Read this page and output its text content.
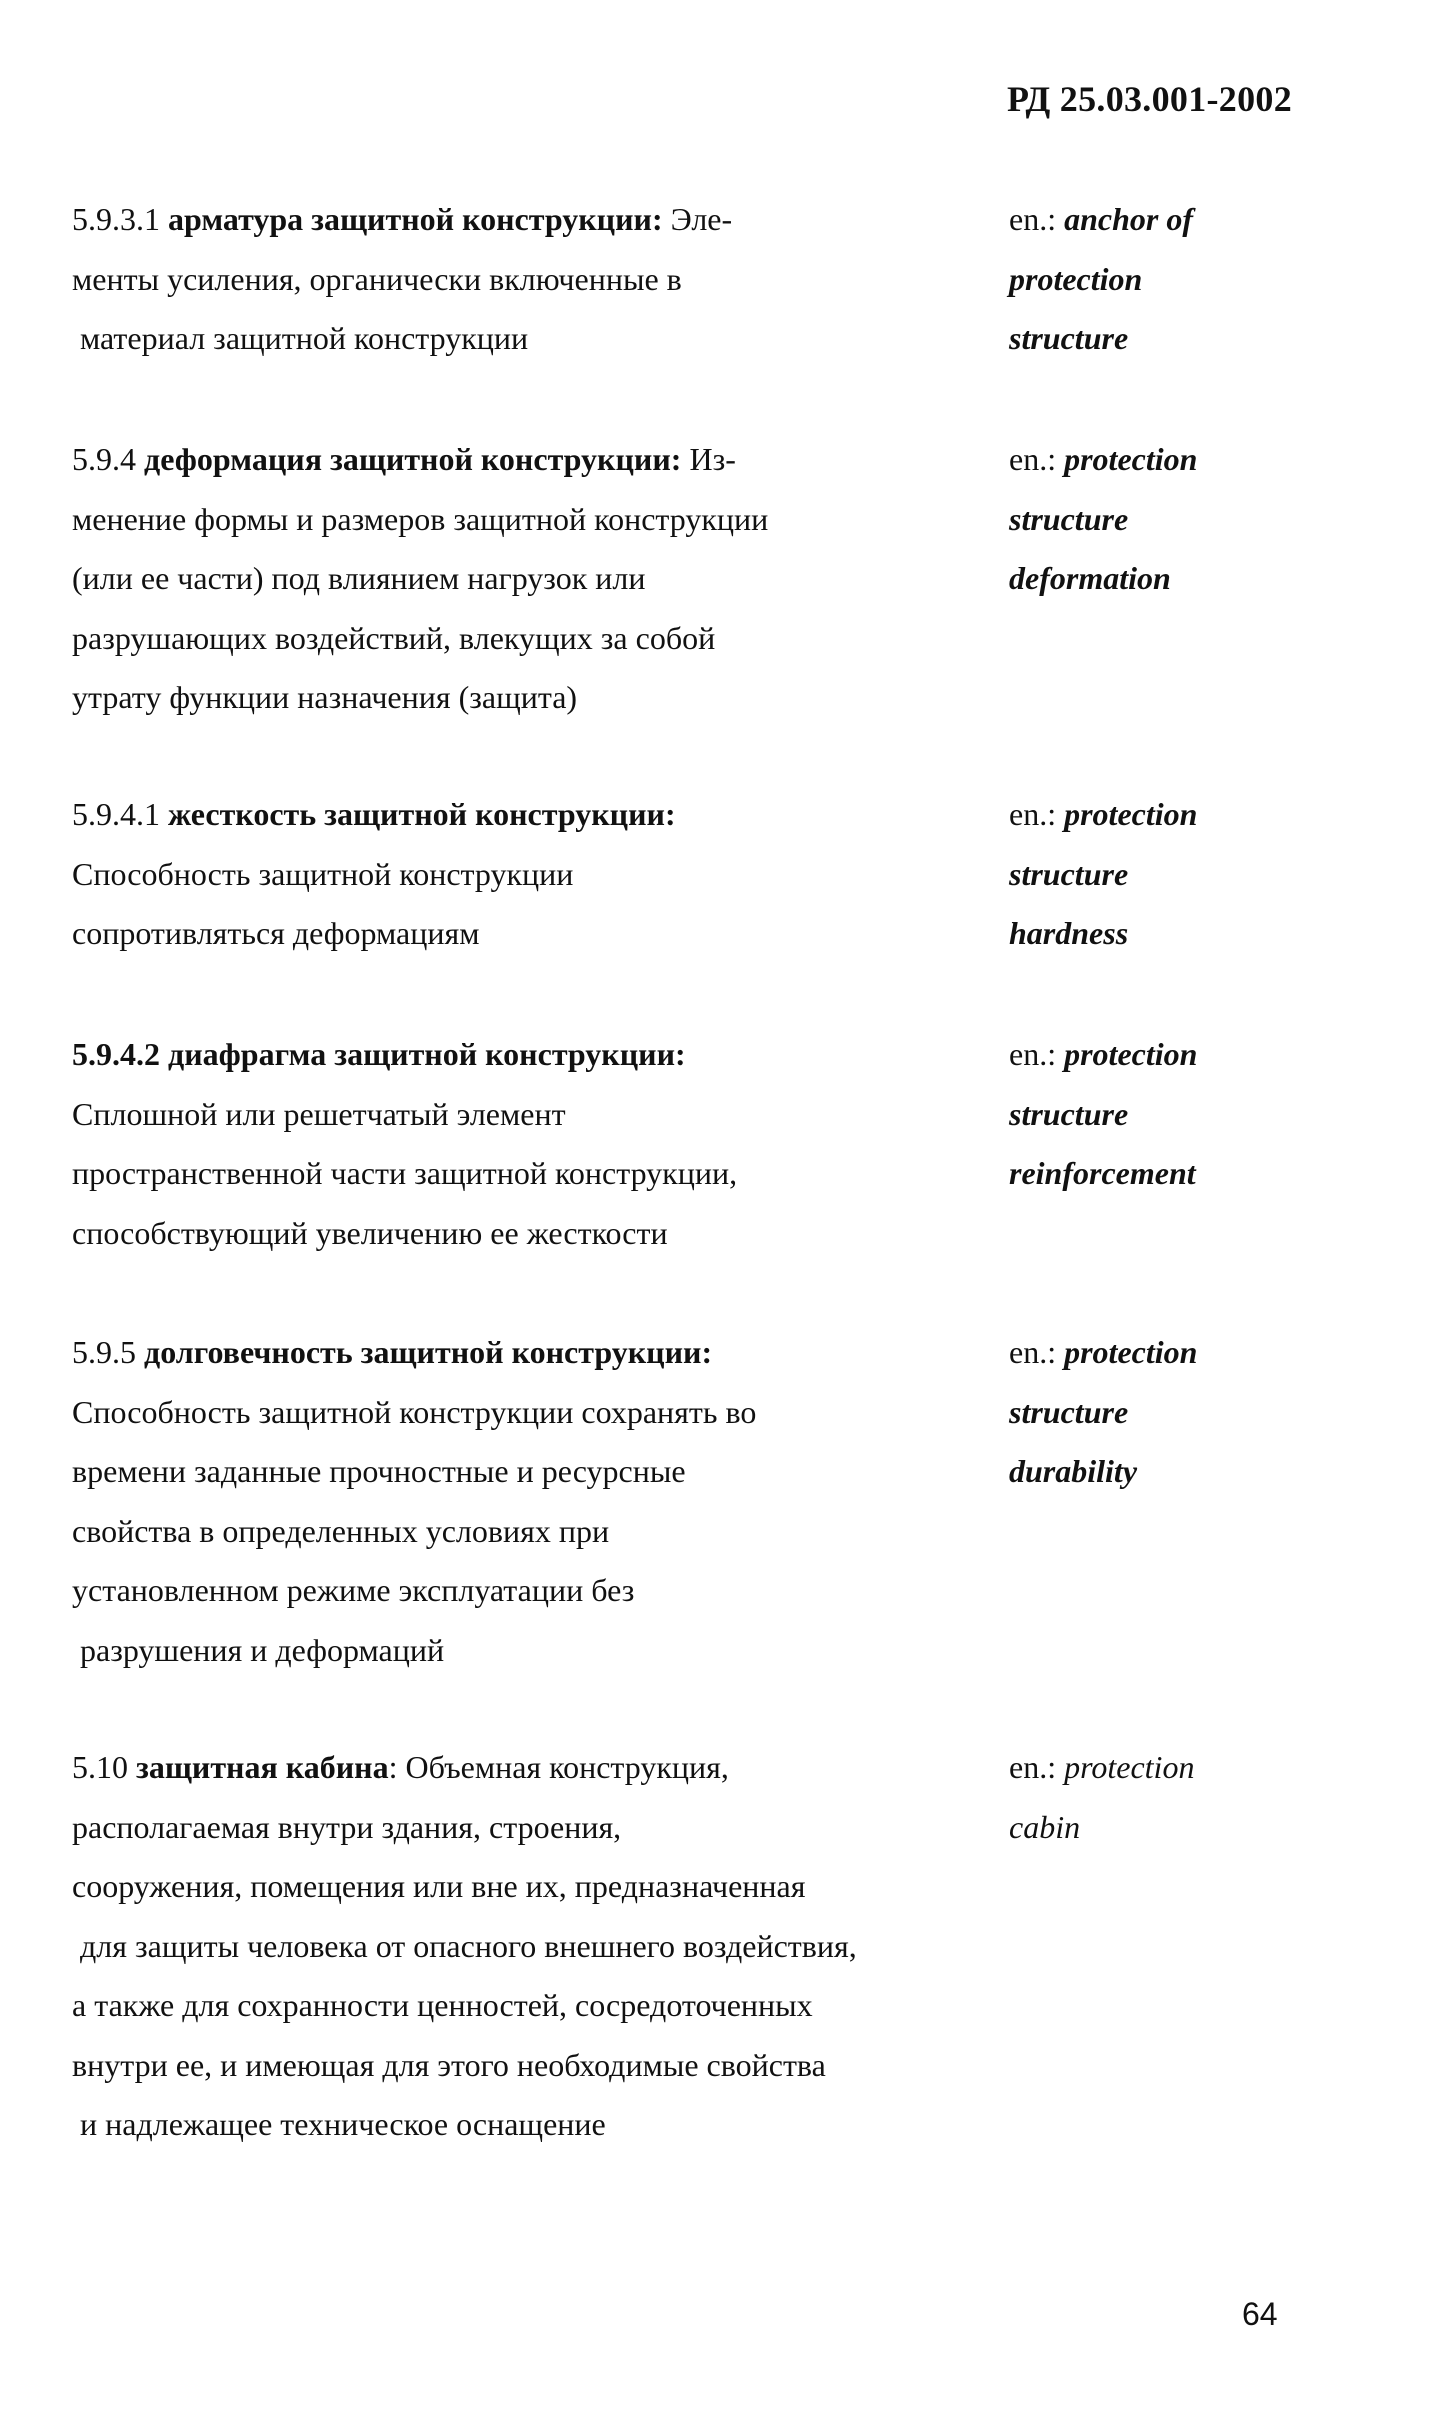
РД 25.03.001-2002
5.9.3.1 арматура защитной конструкции: Эле-
менты усиления, органически включенные в
материал защитной конструкции
en.: anchor of
protection
structure
5.9.4 деформация защитной конструкции: Из-
менение формы и размеров защитной конструкции
(или ее части) под влиянием нагрузок или
разрушающих воздействий, влекущих за собой
утрату функции назначения (защита)
en.: protection
structure
deformation
5.9.4.1 жесткость защитной конструкции:
Способность защитной конструкции
сопротивляться деформациям
en.: protection
structure
hardness
5.9.4.2 диафрагма защитной конструкции:
Сплошной или решетчатый элемент
пространственной части защитной конструкции,
способствующий увеличению ее жесткости
en.: protection
structure
reinforcement
5.9.5 долговечность защитной конструкции:
Способность защитной конструкции сохранять во
времени заданные прочностные и ресурсные
свойства в определенных условиях при
установленном режиме эксплуатации без
разрушения и деформаций
en.: protection
structure
durability
5.10 защитная кабина: Объемная конструкция,
располагаемая внутри здания, строения,
сооружения, помещения или вне их, предназначенная
для защиты человека от опасного внешнего воздействия,
а также для сохранности ценностей, сосредоточенных
внутри ее, и имеющая для этого необходимые свойства
и надлежащее техническое оснащение
en.: protection
cabin
64
